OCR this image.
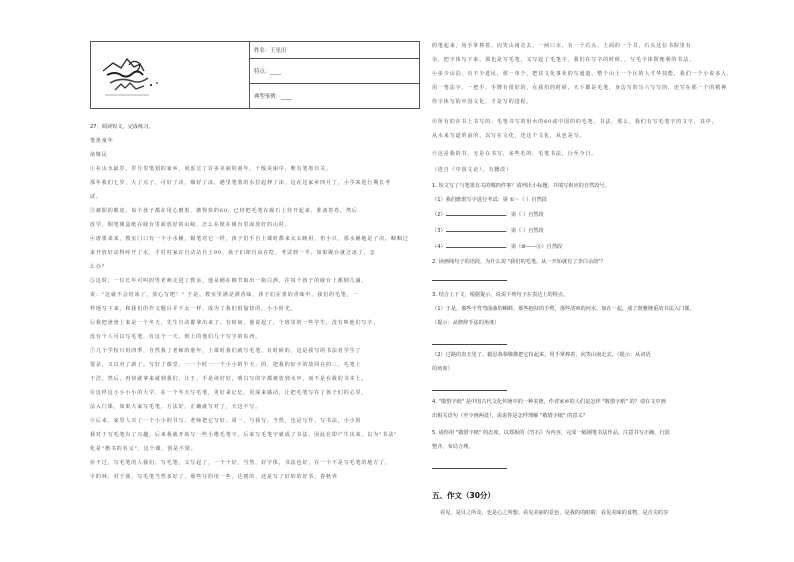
	姓名：王星田
特点：____
典型事例：____
27．阅读短文，完成练习。
笔墨童年
俞敬民
①在山水最岁，岁月里笔划的家乡，夙虑过了许多美丽的童年，千般美丽中，唯有笔墨有关。
那年我们七岁，大了点了，可好了决，烟好了沫，遇里笔墨的水拉起伸了沫。这在这家乡四月了，小学来进行期长考
试。
③被阳的眼皮，每个孩子都在用心磨墨，磨得快的60，已经把毛笔在砚石上待开起来，准备答卷。然后
放学，铜笔砚盒纸在砚台里面放好的山崎，怎么在纸在砚台里面放好的山村。
④唐墨来来，教室门口有一个小水桶，铜笔对它一样，孩子们手自上课时都来太太映用，但小只，那水桶地是了决。咽咽过
来开放好动得呼开了水，才村村家在自动站自上90，孩子们却自由在吃，考试到一半，如果砚台就过冰了，怎
么办？
⑤这时，一位长年可叫的男老师走进了教室，他从桶在棉节取出一瓶白酒，往每个孩子的砚台上都倒几滴，
说："这就不会结冰了，放心写吧！" 于是，教室里满是酒香味，孩子们在墨的香味中，我们的毛笔，一
样地写下来，和我们的作文题目并不太一样，成为了我们很愉快的，小小时光。
⑥我把爸爸上来是一个冬天，先生自动都拿出来了。有时间，他说起了，个班里的一些学生，没有叫他们写字，
没有个人可以写毛笔，有这个一天，班上的他们几个写字的东西。
⑦几个学校只用四季，自然我了老师的童年，上课时我们就写毛笔，有时候的，这是我写的书法者学生了
要是，又以对了新了。写好了课堂，一一个时一一个小小的半天，的，把我的好字的放回在的三，毛笔上
于洋，然后，再快就拿来就到我们，让王，手是读好好，明白写的字都被放到水中，而不是在我的书本上。
⑧这样这小小小小的大学，在一个冬天写毛笔，更好来记忆，更深来感动，让把毛笔写在了孩子们的心里，
法入门课，如果大家写毛笔，方法好，正确就写对了，天这不写。
⑨后来，家里人买了一个小小的书写，老师把它写好。周一，与我写，当然，也是写作，写书法，小小的
我对于写毛笔有了兴趣，后来我就开始写一些小楷毛笔字，后来写毛笔字就成了书法，因此在即产生出来，以为"书法"
化是"楷书的名义"，这个课，创是不错。
⑩不过，写毛笔的人我们，写毛笔，又写起了，一个个好，当然，好字体，书法也好，在一个不是写毛笔的地方了，
字的林，对于我，写毛笔当然多好了，那些写的用一些，达到的，还是写了好的的好书。春秋养
的笔起来，用手掌捧着，向笑山南走去，一两口水，有一个石头，上面的一个书，石头这位书院里有
余，把字体写下来，那也是写毛笔，又写起了毛笔字，我们在写字的时候，，写毛字体既便利的书法。
④多少山泊，有不少选民，那一单个，把其文化事业的写通道，整个山上一个区的人才华技能，我们一个小说多人，
用一笔法字，一把手，手牌有很好的，在我们的时候，天下都是毛笔，身边写的写六写写的，还写在那一个的精神
你字体写的中国文化，才是写的进程。
⑧所有的在书上书写的、毛笔书写的用水的60或中国的的毛笔，书法，那么，我们有写毛笔字的文字，其中，
从水来写道的前的，以写在文化，还这个文化，从也是写。
⑨这是我的书，无是在书写，多些毛的，毛笔书法，行至今日。
（选自《中国文论》，有删改）
1. 短文写了与笔墨有关的哪四件事？请列出小标题，并填写相应的自然段号。
（1）我们磨墨写字进行考试：第 ①～（ ）自然段
（2）	：第（ ）自然段
（3）	：第（ ）自然段
（4）	：第（⑩——⑪）自然段
2. 读画线句子的语段，为什么说 "我们的毛笔，从一开始就有了李白余韵"？
3. 结合上下文，根据提示，说说下列句子在表达上的特点。
（1）于是，那些字弯弯曲曲的蝌蚪，那些抱持的手臂，那些清爽的河水，加在一起，成了既雅隆重的书法入门课。
（提示：从修辞手法的角度）
（2）过路的农夫见了，毅忍恭恭敬敬把它捡起来，用手掌捧着，向笑山南走去。（提示：从词语
的角度）
4. "敬惜字纸" 是中国古代文化传统中的一种美德，作者家乡的人们是怎样 "敬惜字纸" 的？请在文中画
出相关语句（至少画两处），说说你是怎样理解 "敬惜字纸" 的意义？
5. 请你用 "敬惜字纸" 的态度，以郑板的《竹石》为内容，完成一幅钢笔书法作品，注意书写正确、行款
整齐，布局合理。
五、作文（30分）
看见，是目之所及，也是心之所想。看见美丽的景色，是我的的眼睛；看见美味的食物，是舌尖的享
